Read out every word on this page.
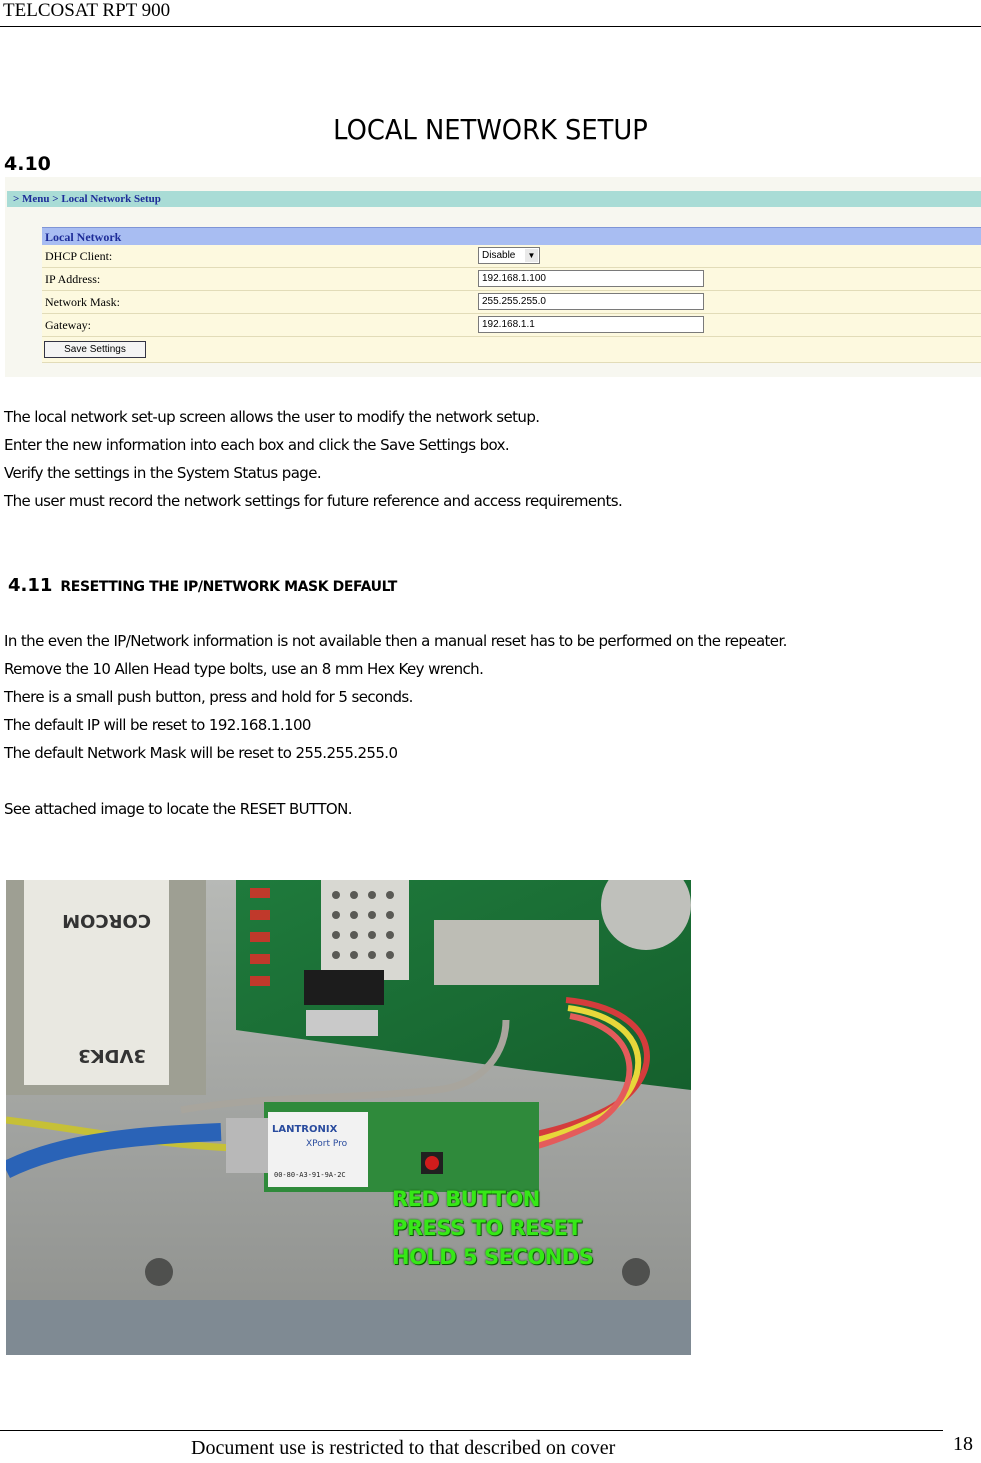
TELCOSAT RPT 900
LOCAL NETWORK SETUP
4.10
> Menu > Local Network Setup
Local Network
DHCP Client:	Disable	▼
IP Address:	192.168.1.100
Network Mask:	255.255.255.0
Gateway:	192.168.1.1
Save Settings

The local network set-up screen allows the user to modify the network setup.

Enter the new information into each box and click the Save Settings box.

Verify the settings in the System Status page.

The user must record the network settings for future reference and access requirements.

4.11 RESETTING THE IP/NETWORK MASK DEFAULT

In the even the IP/Network information is not available then a manual reset has to be performed on the repeater.

Remove the 10 Allen Head type bolts, use an 8 mm Hex Key wrench.

There is a small push button, press and hold for 5 seconds.

The default IP will be reset to 192.168.1.100

The default Network Mask will be reset to 255.255.255.0

See attached image to locate the RESET BUTTON.

CORCOM
3VDK3
LANTRONIX
XPort Pro
00-80-A3-91-9A-2C
RED BUTTON
PRESS TO RESET
HOLD 5 SECONDS
Document use is restricted to that described on cover	18
